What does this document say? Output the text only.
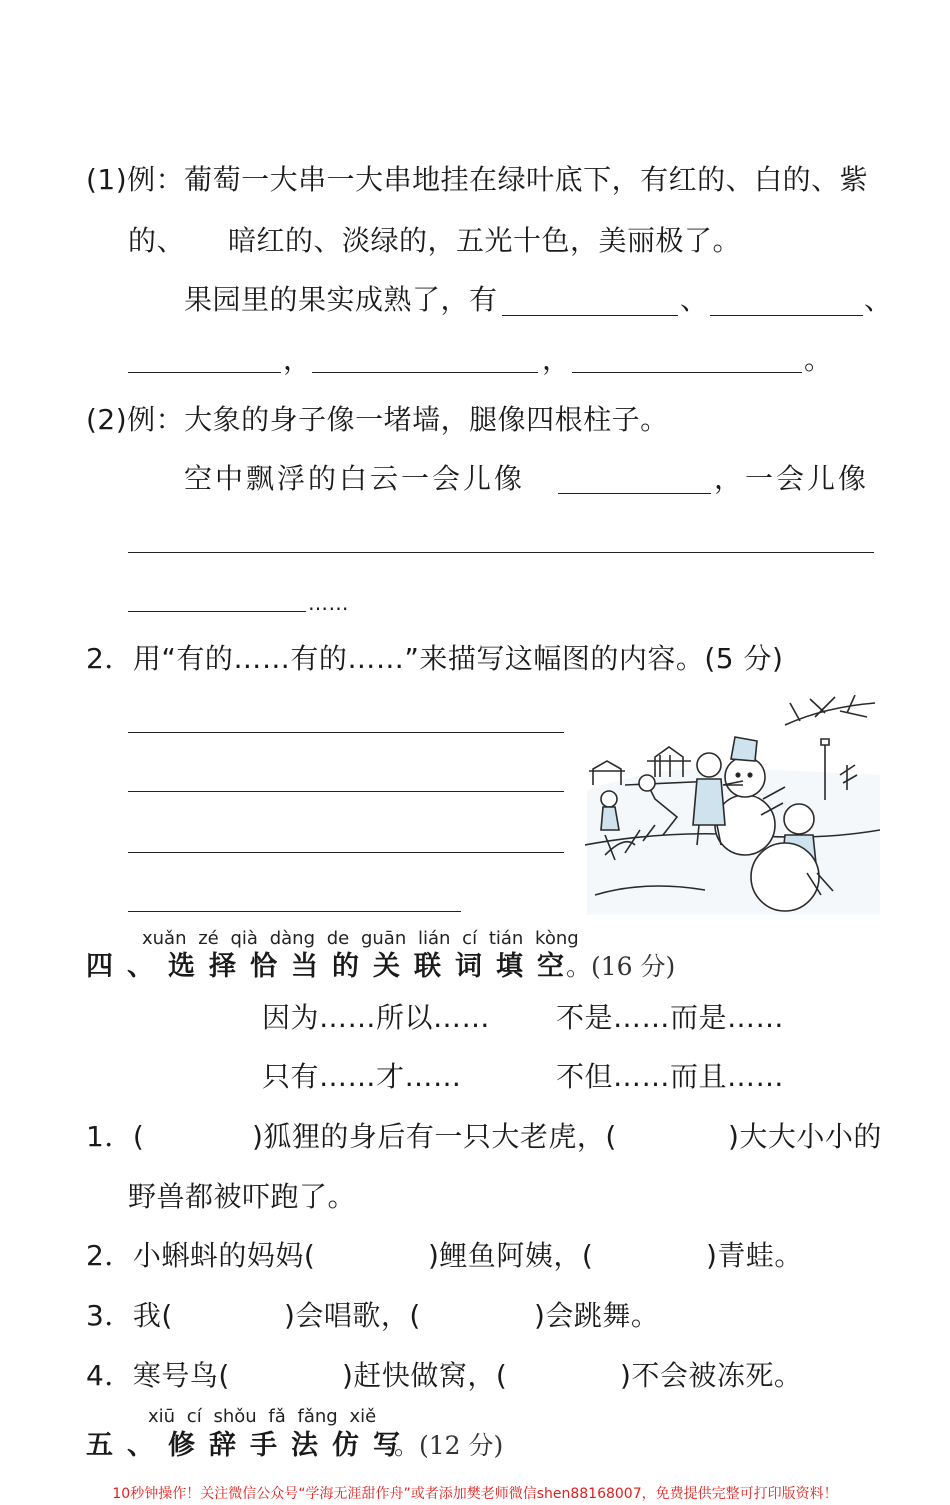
(1)例：葡萄一大串一大串地挂在绿叶底下，有红的、白的、紫
的、　　暗红的、淡绿的，五光十色，美丽极了。
果园里的果实成熟了，有	、	、
，	，	。
(2)例：大象的身子像一堵墙，腿像四根柱子。
空中飘浮的白云一会儿像	，一会儿像
……
2．用“有的……有的……”来描写这幅图的内容。(5 分)
xuǎn zé qià dàng de guān lián cí tián kòng
四、选择恰当的关联词填空
。(16 分)
因为……所以…… 不是……而是……
只有……才……	不但……而且……
1．(	)狐狸的身后有一只大老虎，(	)大大小小的
野兽都被吓跑了。
2．小蝌蚪的妈妈(	)鲤鱼阿姨，(	)青蛙。
3．我(	)会唱歌，(	)会跳舞。
4．寒号鸟(	)赶快做窝，(	)不会被冻死。
xiū cí shǒu fǎ fǎng xiě
五、修辞手法仿写
。(12 分)
10秒钟操作！关注微信公众号“学海无涯甜作舟”或者添加樊老师微信shen88168007，免费提供完整可打印版资料！
